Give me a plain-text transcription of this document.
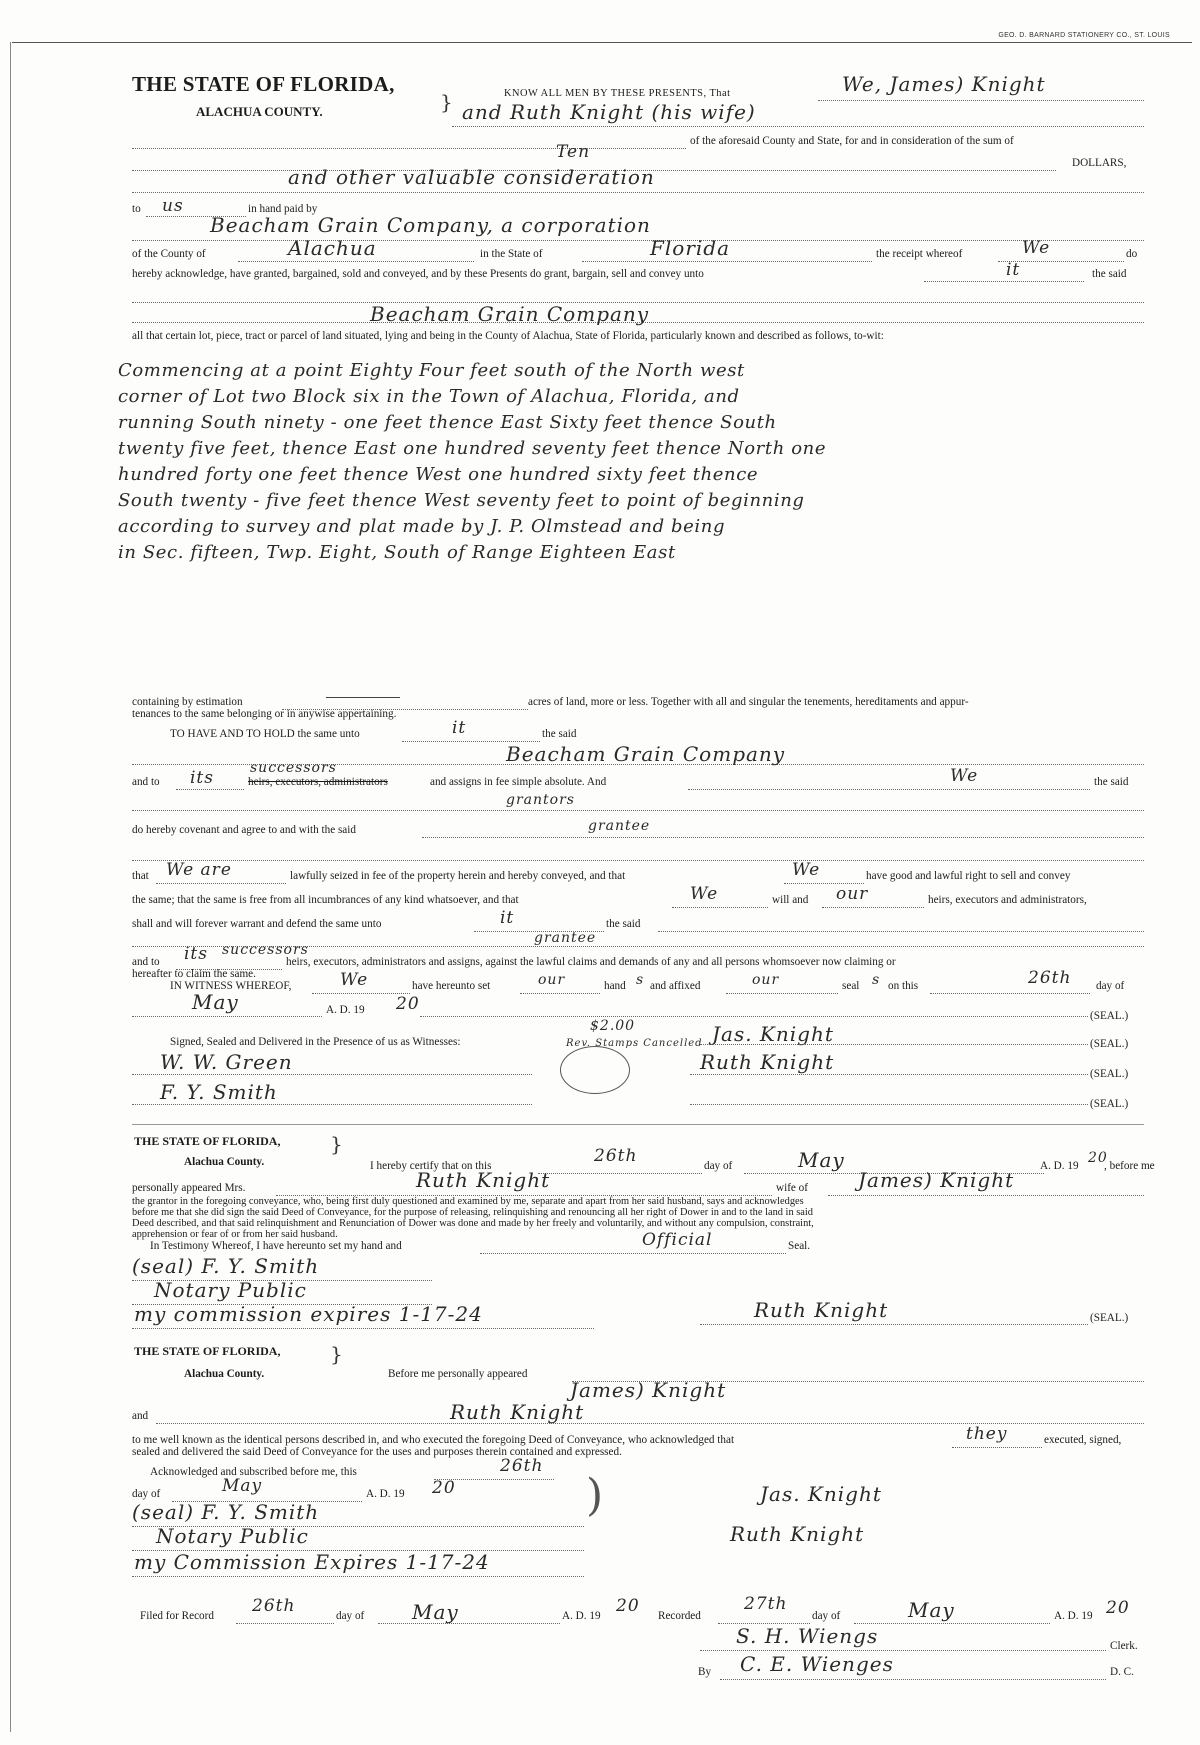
GEO. D. BARNARD STATIONERY CO., ST. LOUIS
THE STATE OF FLORIDA,
ALACHUA COUNTY.	}	KNOW ALL MEN BY THESE PRESENTS, That	We, James) Knight
and Ruth Knight (his wife)
of the aforesaid County and State, for and in consideration of the sum of
Ten
DOLLARS,
and other valuable consideration
to us	in hand paid by
Beacham Grain Company, a corporation
of the County of	Alachua	in the State of	Florida	the receipt whereof	We	do
hereby acknowledge, have granted, bargained, sold and conveyed, and by these Presents do grant, bargain, sell and convey unto	it	the said
Beacham Grain Company
all that certain lot, piece, tract or parcel of land situated, lying and being in the County of Alachua, State of Florida, particularly known and described as follows, to-wit:
Commencing at a point Eighty Four feet south of the North west
corner of Lot two Block six in the Town of Alachua, Florida, and
running South ninety - one feet thence East Sixty feet thence South
twenty five feet, thence East one hundred seventy feet thence North one
hundred forty one feet thence West one hundred sixty feet thence
South twenty - five feet thence West seventy feet to point of beginning
according to survey and plat made by J. P. Olmstead and being
in Sec. fifteen, Twp. Eight, South of Range Eighteen East
containing by estimation	acres of land, more or less. Together with all and singular the tenements, hereditaments and appur-
tenances to the same belonging or in anywise appertaining.
TO HAVE AND TO HOLD the same unto	it	the said
Beacham Grain Company
and to its	successors
heirs, executors, administrators	and assigns in fee simple absolute. And	We	the said
grantors
do hereby covenant and agree to and with the said	grantee
that We are	lawfully seized in fee of the property herein and hereby conveyed, and that	We	have good and lawful right to sell and convey
the same; that the same is free from all incumbrances of any kind whatsoever, and that	We	will and our	heirs, executors and administrators,
shall and will forever warrant and defend the same unto	it	the said
grantee
and to its successors
heirs, executors, administrators and assigns, against the lawful claims and demands of any and all persons whomsoever now claiming or
hereafter to claim the same.
IN WITNESS WHEREOF,	We	have hereunto set	our	hand s and affixed	our	seal s on this	26th day of
May	A. D. 19 20
(SEAL.)
Signed, Sealed and Delivered in the Presence of us as Witnesses:
$2.00
Rev. Stamps Cancelled Jas. Knight	(SEAL.)
W. W. Green	Ruth Knight	(SEAL.)
F. Y. Smith	(SEAL.)
THE STATE OF FLORIDA, }
Alachua County.	I hereby certify that on this	26th	day of	May	A. D. 19 20
, before me
personally appeared Mrs.	Ruth Knight	wife of	James) Knight
the grantor in the foregoing conveyance, who, being first duly questioned and examined by me, separate and apart from her said husband, says and acknowledges
before me that she did sign the said Deed of Conveyance, for the purpose of releasing, relinquishing and renouncing all her right of Dower in and to the land in said
Deed described, and that said relinquishment and Renunciation of Dower was done and made by her freely and voluntarily, and without any compulsion, constraint,
apprehension or fear of or from her said husband.
In Testimony Whereof, I have hereunto set my hand and	Official	Seal.
(seal) F. Y. Smith
Notary Public
my commission expires 1-17-24	Ruth Knight	(SEAL.)
THE STATE OF FLORIDA, }
Alachua County.	Before me personally appeared
James) Knight
and	Ruth Knight
to me well known as the identical persons described in, and who executed the foregoing Deed of Conveyance, who acknowledged that	they	executed, signed,
sealed and delivered the said Deed of Conveyance for the uses and purposes therein contained and expressed.
Acknowledged and subscribed before me, this	26th
day of	May	A. D. 19 20	)
(seal) F. Y. Smith
Notary Public
my Commission Expires 1-17-24
Jas. Knight
Ruth Knight
Filed for Record 26th	day of May	A. D. 19 20 Recorded
27th
day of	May	A. D. 19 20
S. H. Wiengs	Clerk.
By C. E. Wienges	D. C.
